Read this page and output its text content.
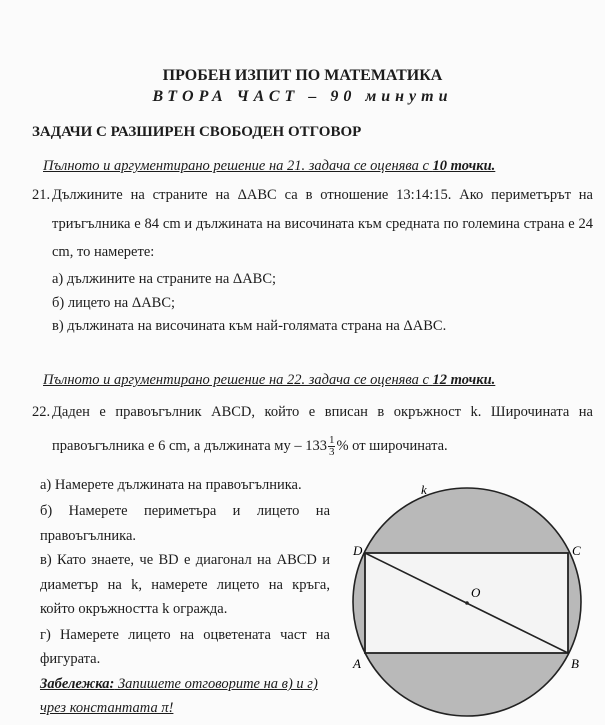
ПРОБЕН ИЗПИТ ПО МАТЕМАТИКА
ВТОРА ЧАСТ – 90 минути
ЗАДАЧИ С РАЗШИРЕН СВОБОДЕН ОТГОВОР
Пълното и аргументирано решение на 21. задача се оценява с 10 точки.
21. Дължините на страните на ΔABC са в отношение 13:14:15. Ако периметърът на
триъгълника е 84 cm и дължината на височината към средната по големина страна е 24
cm, то намерете:
а) дължините на страните на ΔABC;
б) лицето на ΔABC;
в) дължината на височината към най-голямата страна на ΔABC.
Пълното и аргументирано решение на 22. задача се оценява с 12 точки.
22. Даден е правоъгълник ABCD, който е вписан в окръжност k. Широчината на
правоъгълника е 6 cm, а дължината му – $133 \frac{1}{3}$ % от широчината.
а) Намерете дължината на правоъгълника.
б) Намерете периметъра и лицето на
правоъгълника.
в) Като знаете, че BD е диагонал на ABCD и
диаметър на k, намерете лицето на кръга,
който окръжността k огражда.
г) Намерете лицето на оцветената част на
фигурата.
Забележка: Запишете отговорите на в) и г)
чрез константата π!
k
D	C
A	B
O
